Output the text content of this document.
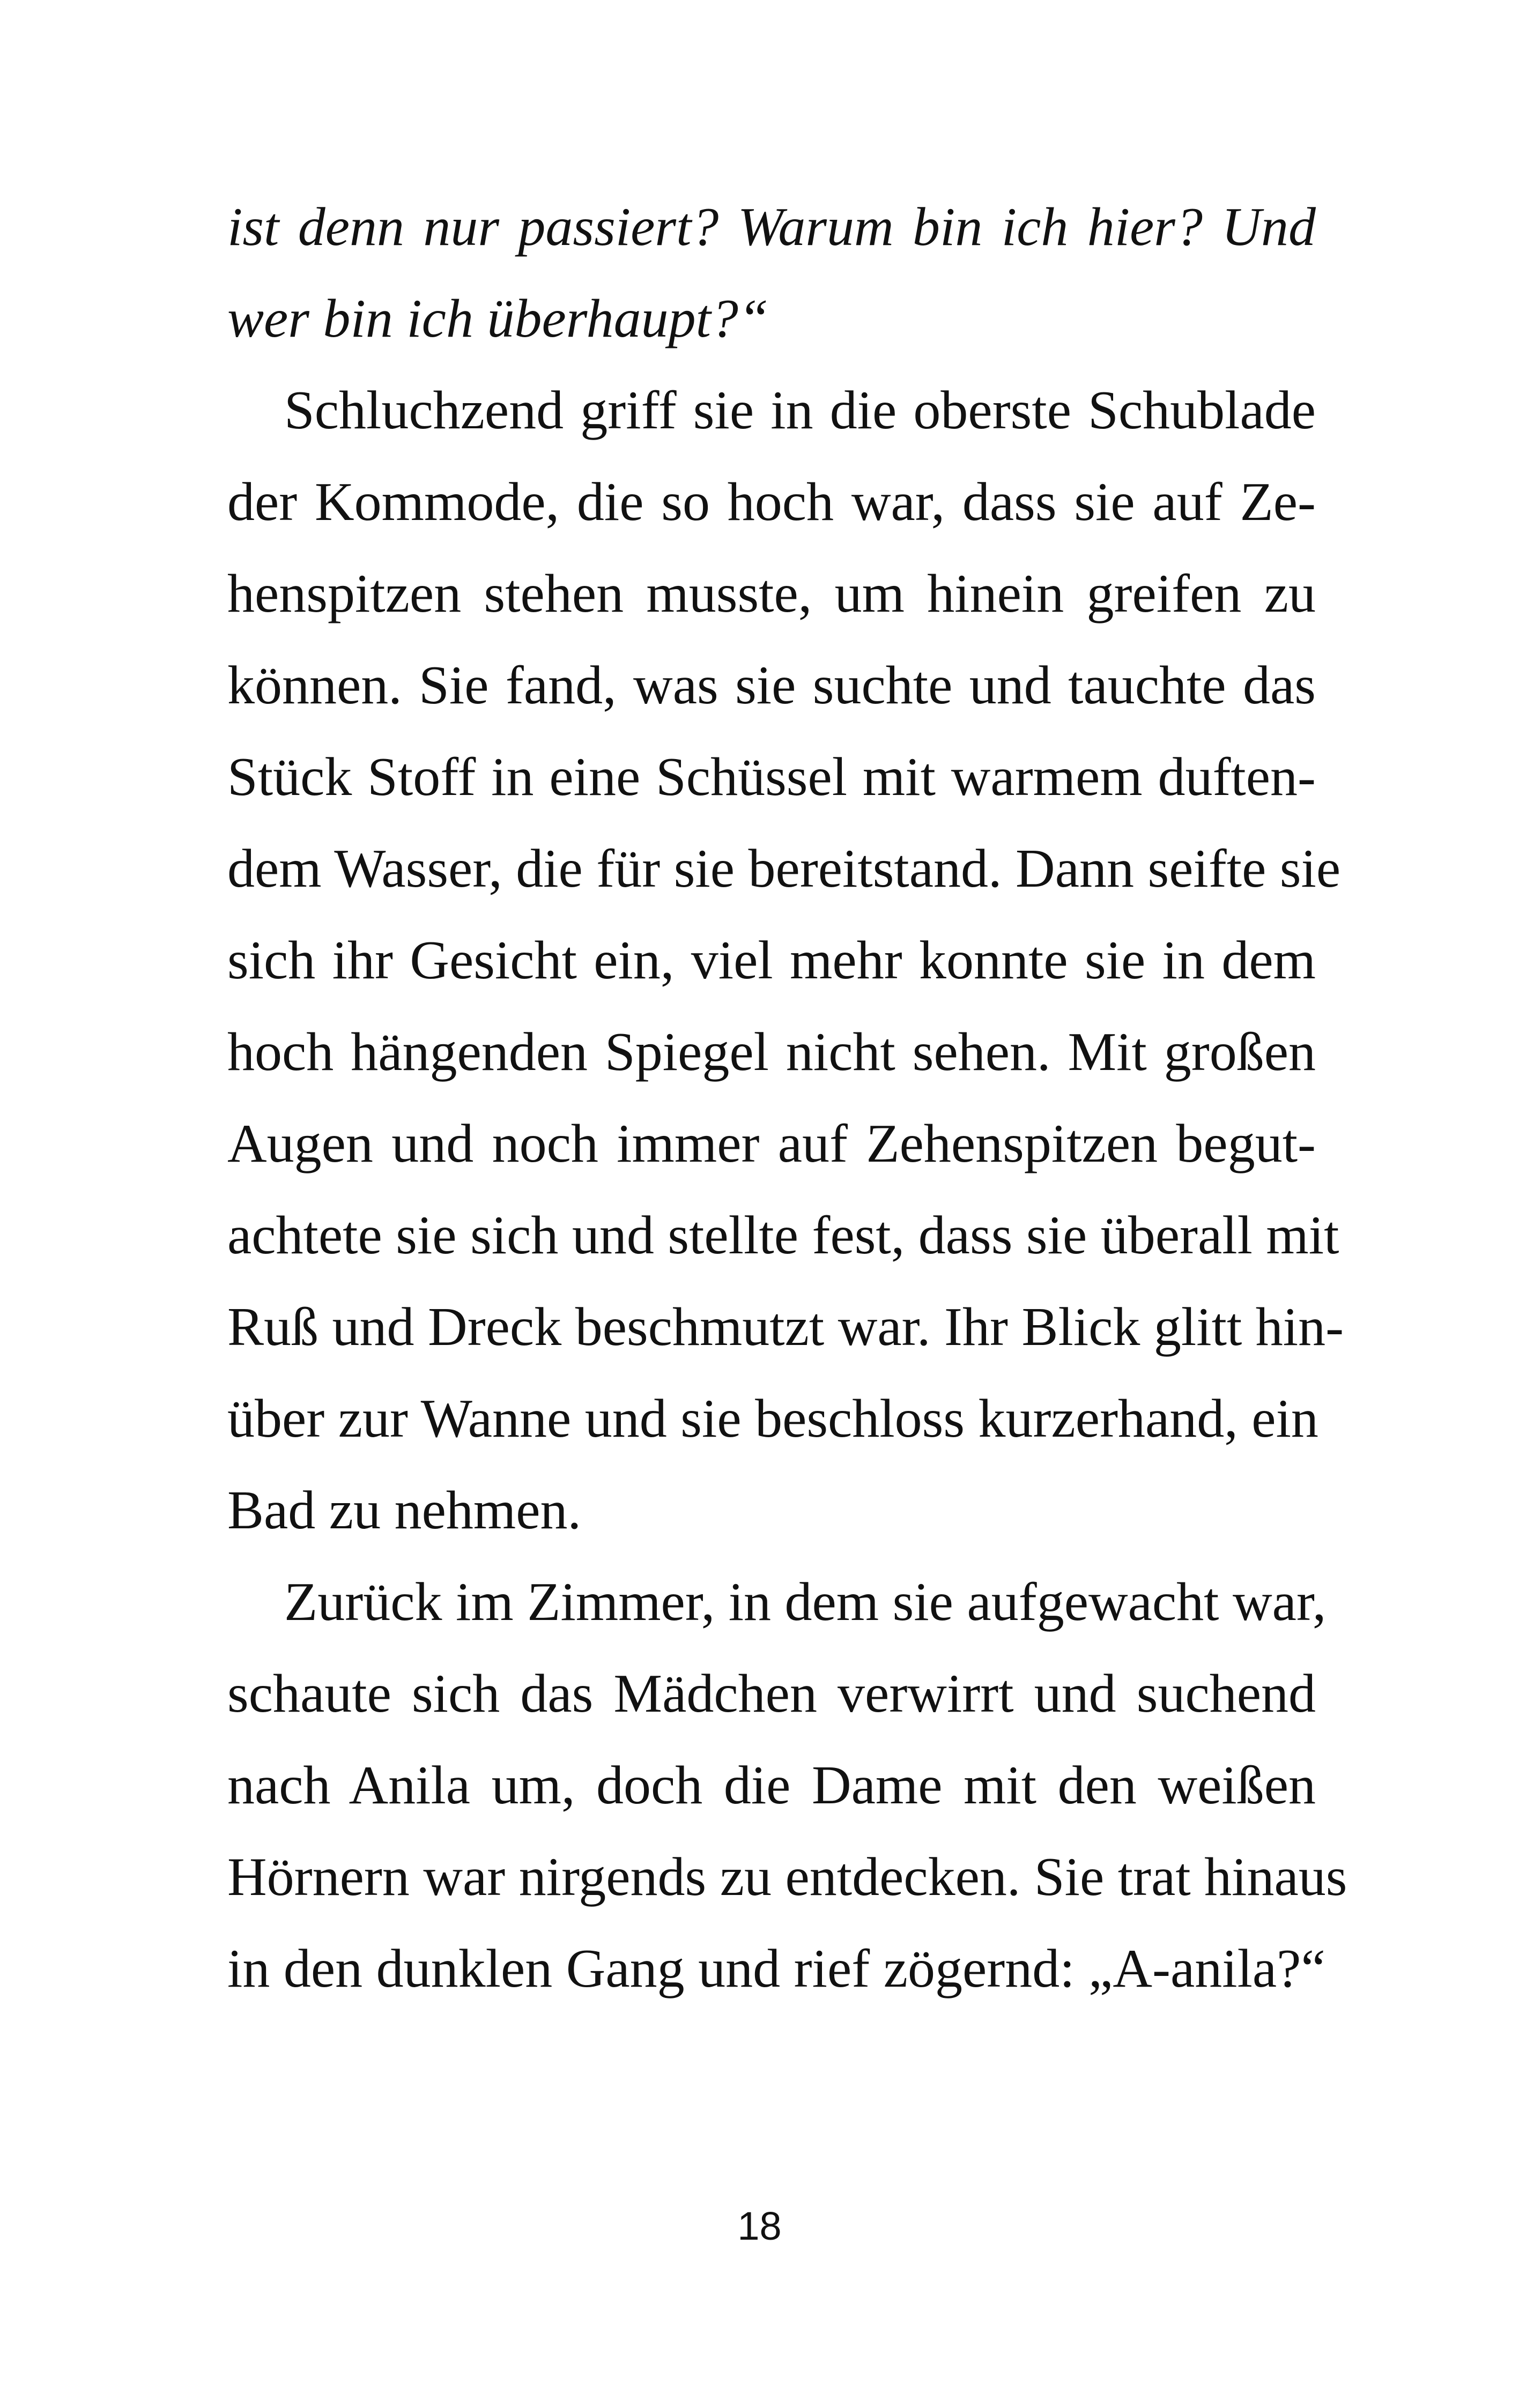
ist denn nur passiert? Warum bin ich hier? Und
wer bin ich überhaupt?“
Schluchzend griff sie in die oberste Schublade
der Kommode, die so hoch war, dass sie auf Ze-
henspitzen stehen musste, um hinein greifen zu
können. Sie fand, was sie suchte und tauchte das
Stück Stoff in eine Schüssel mit warmem duften-
dem Wasser, die für sie bereitstand. Dann seifte sie
sich ihr Gesicht ein, viel mehr konnte sie in dem
hoch hängenden Spiegel nicht sehen. Mit großen
Augen und noch immer auf Zehenspitzen begut-
achtete sie sich und stellte fest, dass sie überall mit
Ruß und Dreck beschmutzt war. Ihr Blick glitt hin-
über zur Wanne und sie beschloss kurzerhand, ein
Bad zu nehmen.
Zurück im Zimmer, in dem sie aufgewacht war,
schaute sich das Mädchen verwirrt und suchend
nach Anila um, doch die Dame mit den weißen
Hörnern war nirgends zu entdecken. Sie trat hinaus
in den dunklen Gang und rief zögernd: „A-anila?“
18
